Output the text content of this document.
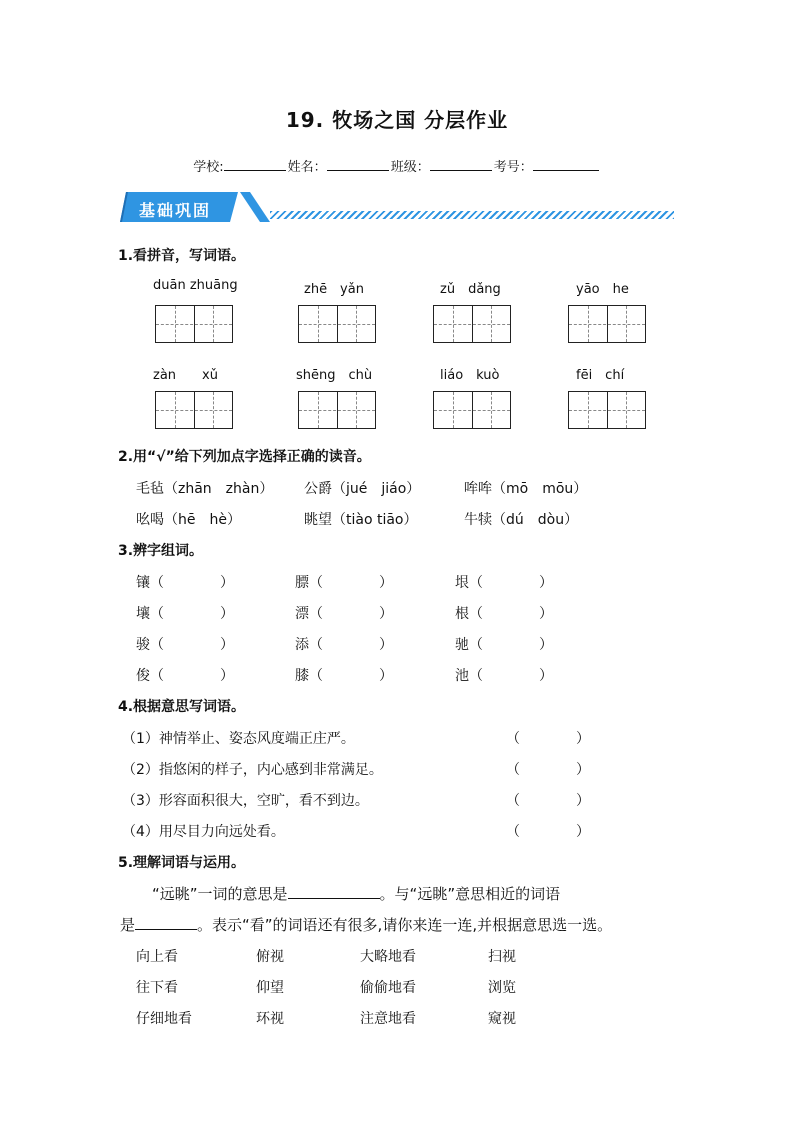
19. 牧场之国 分层作业
学校:	姓名：	班级：	考号：
基础巩固
1.看拼音，写词语。
duān zhuāng	zhē　yǎn	zǔ　dǎng	yāo　he
zàn　　xǔ	shēng　chù	liáo　kuò	fēi　chí
2.用“√”给下列加点字选择正确的读音。
毛毡（zhān　zhàn） 公爵（jué　jiáo）	哞哞（mō　mōu）
吆喝（hē　hè）	眺望（tiào tiāo）	牛犊（dú　dòu）
3.辨字组词。
镶（　　　　）	膘（　　　　）	垠（　　　　）
壤（　　　　）	漂（　　　　）	根（　　　　）
骏（　　　　）	添（　　　　）	驰（　　　　）
俊（　　　　）	膝（　　　　）	池（　　　　）
4.根据意思写词语。
（1）神情举止、姿态风度端正庄严。	（　　　　）
（2）指悠闲的样子，内心感到非常满足。	（　　　　）
（3）形容面积很大，空旷，看不到边。	（　　　　）
（4）用尽目力向远处看。	（　　　　）
5.理解词语与运用。
“远眺”一词的意思是	。与“远眺”意思相近的词语
是	。表示“看”的词语还有很多,请你来连一连,并根据意思选一选。
向上看	俯视	大略地看	扫视
往下看	仰望	偷偷地看	浏览
仔细地看	环视	注意地看	窥视
